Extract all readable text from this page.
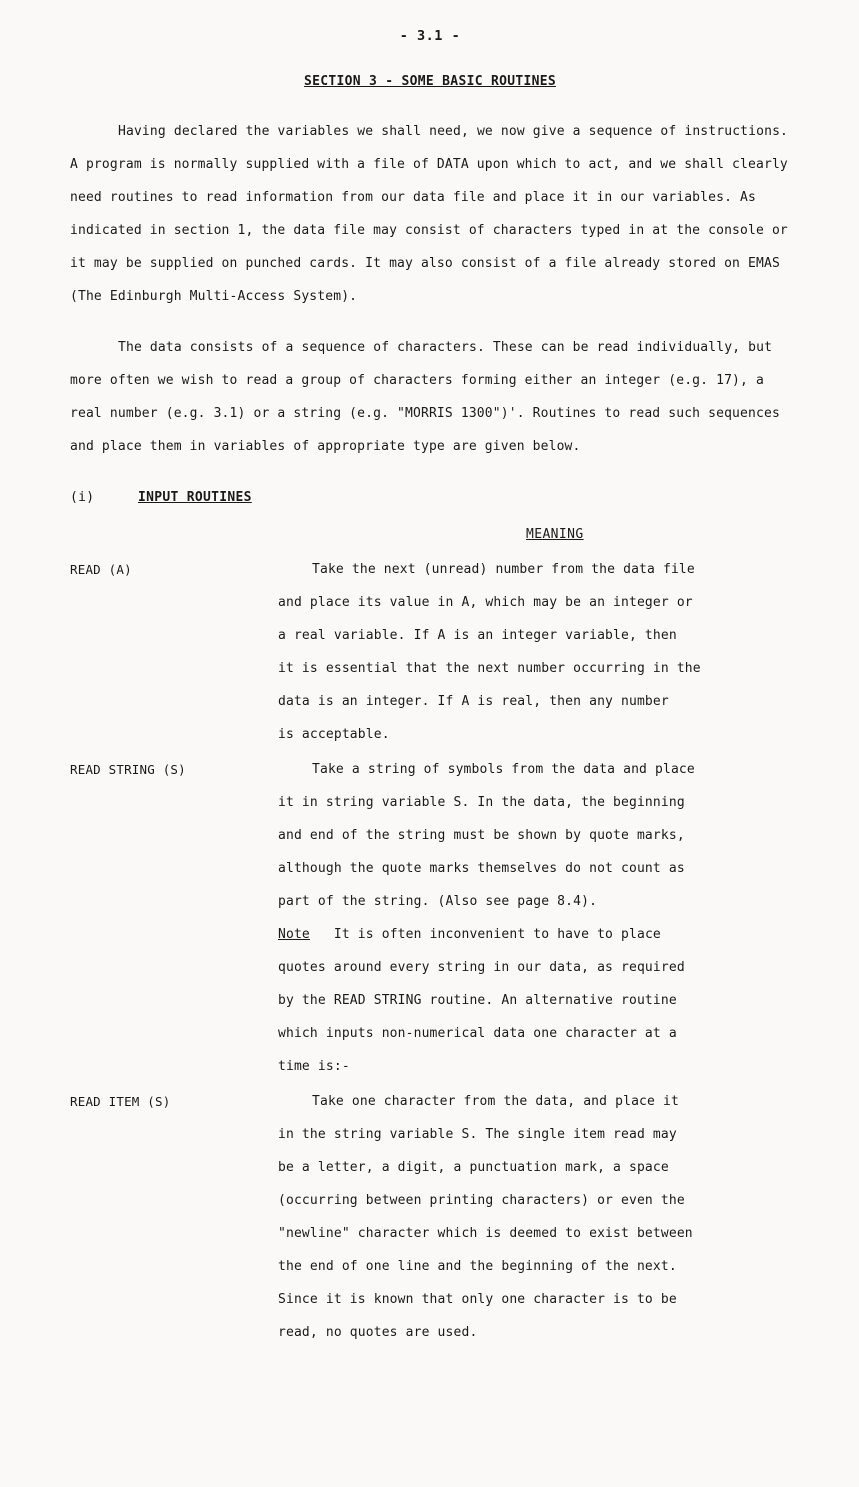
- 3.1 -
SECTION 3 - SOME BASIC ROUTINES

Having declared the variables we shall need, we now give a sequence of instructions. A program is normally supplied with a file of DATA upon which to act, and we shall clearly need routines to read information from our data file and place it in our variables. As indicated in section 1, the data file may consist of characters typed in at the console or it may be supplied on punched cards. It may also consist of a file already stored on EMAS (The Edinburgh Multi-Access System).

The data consists of a sequence of characters. These can be read individually, but more often we wish to read a group of characters forming either an integer (e.g. 17), a real number (e.g. 3.1) or a string (e.g. "MORRIS 1300")'. Routines to read such sequences and place them in variables of appropriate type are given below.

(i)	INPUT ROUTINES
MEANING
READ (A)	Take the next (unread) number from the data file
and place its value in A, which may be an integer or
a real variable. If A is an integer variable, then
it is essential that the next number occurring in the
data is an integer. If A is real, then any number
is acceptable.
READ STRING (S)	Take a string of symbols from the data and place
it in string variable S. In the data, the beginning
and end of the string must be shown by quote marks,
although the quote marks themselves do not count as
part of the string. (Also see page 8.4).
Note   It is often inconvenient to have to place
quotes around every string in our data, as required
by the READ STRING routine. An alternative routine
which inputs non-numerical data one character at a
time is:-
READ ITEM (S)	Take one character from the data, and place it
in the string variable S. The single item read may
be a letter, a digit, a punctuation mark, a space
(occurring between printing characters) or even the
"newline" character which is deemed to exist between
the end of one line and the beginning of the next.
Since it is known that only one character is to be
read, no quotes are used.
